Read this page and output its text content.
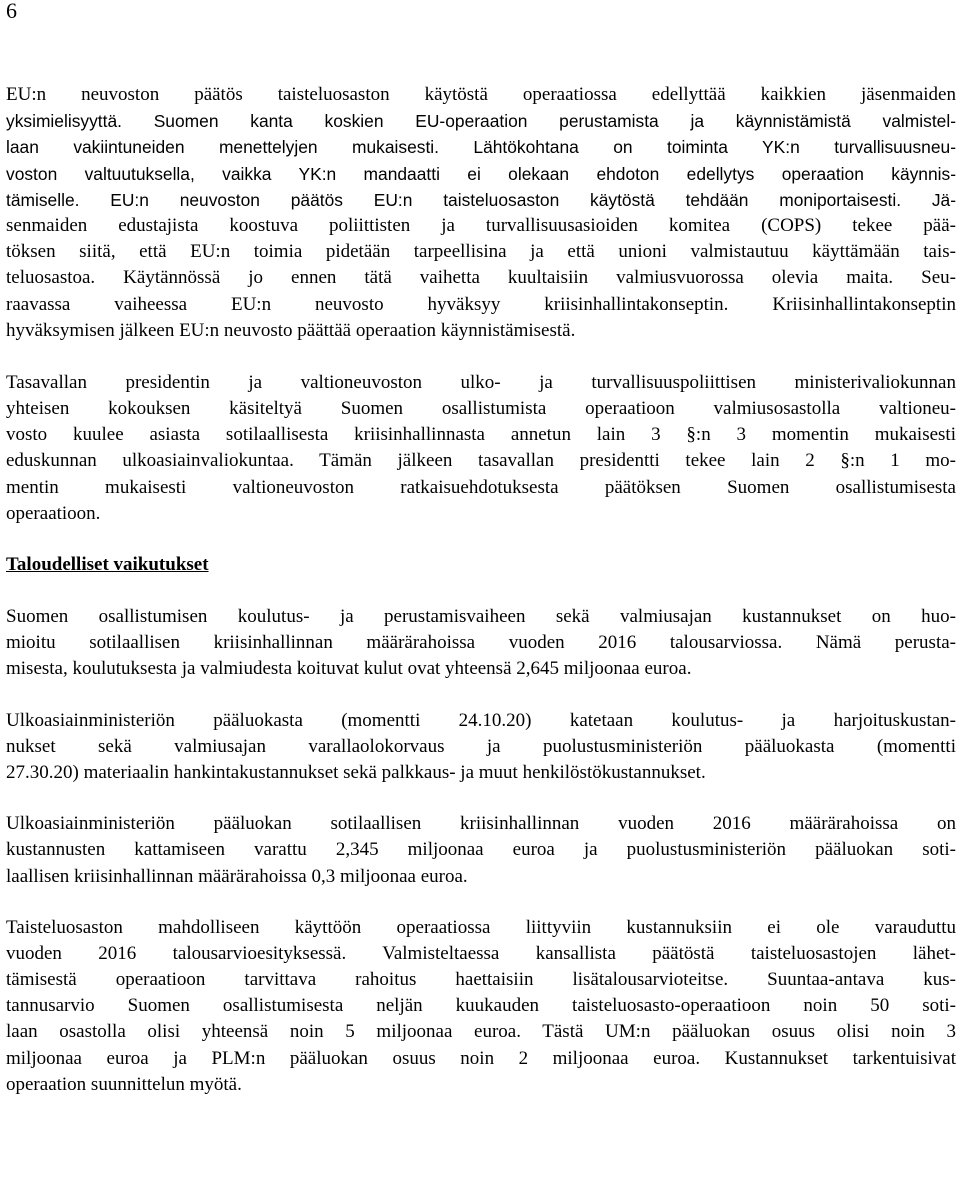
6
EU:n neuvoston päätös taisteluosaston käytöstä operaatiossa edellyttää kaikkien jäsenmaiden
yksimielisyyttä. Suomen kanta koskien EU-operaation perustamista ja käynnistämistä valmistel-
laan vakiintuneiden menettelyjen mukaisesti. Lähtökohtana on toiminta YK:n turvallisuusneu-
voston valtuutuksella, vaikka YK:n mandaatti ei olekaan ehdoton edellytys operaation käynnis-
tämiselle. EU:n neuvoston päätös EU:n taisteluosaston käytöstä tehdään moniportaisesti. Jä-
senmaiden edustajista koostuva poliittisten ja turvallisuusasioiden komitea (COPS) tekee pää-
töksen siitä, että EU:n toimia pidetään tarpeellisina ja että unioni valmistautuu käyttämään tais-
teluosastoa. Käytännössä jo ennen tätä vaihetta kuultaisiin valmiusvuorossa olevia maita. Seu-
raavassa vaiheessa EU:n neuvosto hyväksyy kriisinhallintakonseptin. Kriisinhallintakonseptin
hyväksymisen jälkeen EU:n neuvosto päättää operaation käynnistämisestä.
Tasavallan presidentin ja valtioneuvoston ulko- ja turvallisuuspoliittisen ministerivaliokunnan
yhteisen kokouksen käsiteltyä Suomen osallistumista operaatioon valmiusosastolla valtioneu-
vosto kuulee asiasta sotilaallisesta kriisinhallinnasta annetun lain 3 §:n 3 momentin mukaisesti
eduskunnan ulkoasiainvaliokuntaa. Tämän jälkeen tasavallan presidentti tekee lain 2 §:n 1 mo-
mentin mukaisesti valtioneuvoston ratkaisuehdotuksesta päätöksen Suomen osallistumisesta
operaatioon.
Taloudelliset vaikutukset
Suomen osallistumisen koulutus- ja perustamisvaiheen sekä valmiusajan kustannukset on huo-
mioitu sotilaallisen kriisinhallinnan määrärahoissa vuoden 2016 talousarviossa. Nämä perusta-
misesta, koulutuksesta ja valmiudesta koituvat kulut ovat yhteensä 2,645 miljoonaa euroa.
Ulkoasiainministeriön pääluokasta (momentti 24.10.20) katetaan koulutus- ja harjoituskustan-
nukset sekä valmiusajan varallaolokorvaus ja puolustusministeriön pääluokasta (momentti
27.30.20) materiaalin hankintakustannukset sekä palkkaus- ja muut henkilöstökustannukset.
Ulkoasiainministeriön pääluokan sotilaallisen kriisinhallinnan vuoden 2016 määrärahoissa on
kustannusten kattamiseen varattu 2,345 miljoonaa euroa ja puolustusministeriön pääluokan soti-
laallisen kriisinhallinnan määrärahoissa 0,3 miljoonaa euroa.
Taisteluosaston mahdolliseen käyttöön operaatiossa liittyviin kustannuksiin ei ole varauduttu
vuoden 2016 talousarvioesityksessä. Valmisteltaessa kansallista päätöstä taisteluosastojen lähet-
tämisestä operaatioon tarvittava rahoitus haettaisiin lisätalousarvioteitse. Suuntaa-antava kus-
tannusarvio Suomen osallistumisesta neljän kuukauden taisteluosasto-operaatioon noin 50 soti-
laan osastolla olisi yhteensä noin 5 miljoonaa euroa. Tästä UM:n pääluokan osuus olisi noin 3
miljoonaa euroa ja PLM:n pääluokan osuus noin 2 miljoonaa euroa. Kustannukset tarkentuisivat
operaation suunnittelun myötä.
